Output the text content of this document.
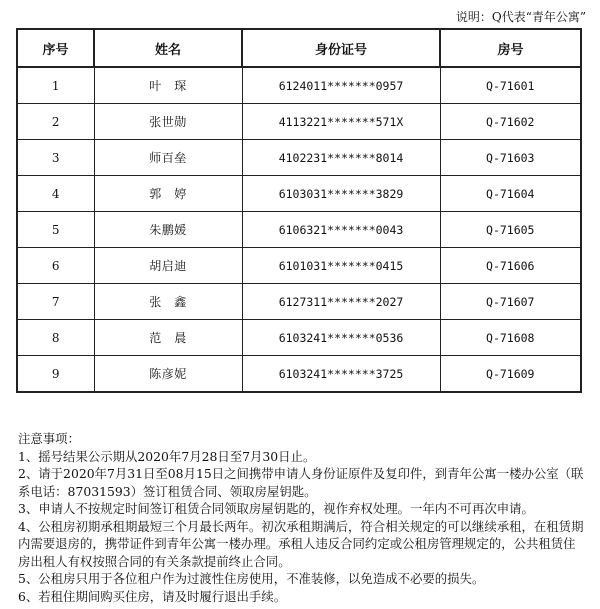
说明：Q代表“青年公寓”
序号	姓名	身份证号	房号
1	叶　琛	6124011*******0957	Q-71601
2	张世勋	4113221*******571X	Q-71602
3	师百垒	4102231*******8014	Q-71603
4	郭　婷	6103031*******3829	Q-71604
5	朱鹏媛	6106321*******0043	Q-71605
6	胡启迪	6101031*******0415	Q-71606
7	张　鑫	6127311*******2027	Q-71607
8	范　晨	6103241*******0536	Q-71608
9	陈彦妮	6103241*******3725	Q-71609
注意事项：
1、摇号结果公示期从2020年7月28日至7月30日止。
2、请于2020年7月31日至08月15日之间携带申请人身份证原件及复印件，到青年公寓一楼办公室（联系电话：87031593）签订租赁合同、领取房屋钥匙。
3、申请人不按规定时间签订租赁合同领取房屋钥匙的，视作弃权处理。一年内不可再次申请。
4、公租房初期承租期最短三个月最长两年。初次承租期满后，符合相关规定的可以继续承租，在租赁期内需要退房的，携带证件到青年公寓一楼办理。承租人违反合同约定或公租房管理规定的，公共租赁住房出租人有权按照合同的有关条款提前终止合同。
5、公租房只用于各位租户作为过渡性住房使用，不准装修，以免造成不必要的损失。
6、若租住期间购买住房，请及时履行退出手续。
